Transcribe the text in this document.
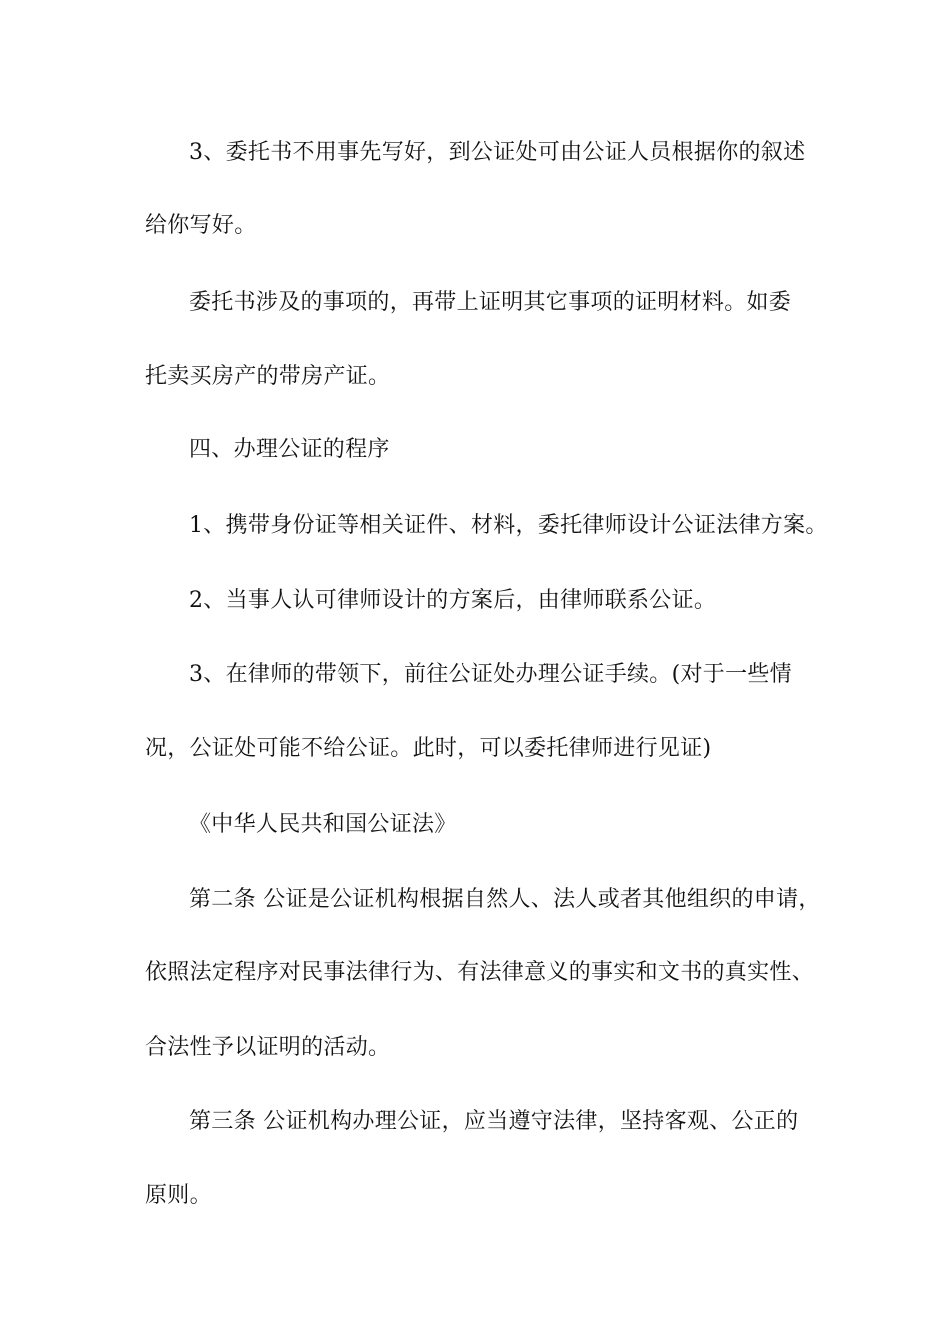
3、委托书不用事先写好，到公证处可由公证人员根据你的叙述
给你写好。
委托书涉及的事项的，再带上证明其它事项的证明材料。如委
托卖买房产的带房产证。
四、办理公证的程序
1、携带身份证等相关证件、材料，委托律师设计公证法律方案。
2、当事人认可律师设计的方案后，由律师联系公证。
3、在律师的带领下，前往公证处办理公证手续。(对于一些情
况，公证处可能不给公证。此时，可以委托律师进行见证)
《中华人民共和国公证法》
第二条 公证是公证机构根据自然人、法人或者其他组织的申请，
依照法定程序对民事法律行为、有法律意义的事实和文书的真实性、
合法性予以证明的活动。
第三条 公证机构办理公证，应当遵守法律，坚持客观、公正的
原则。
